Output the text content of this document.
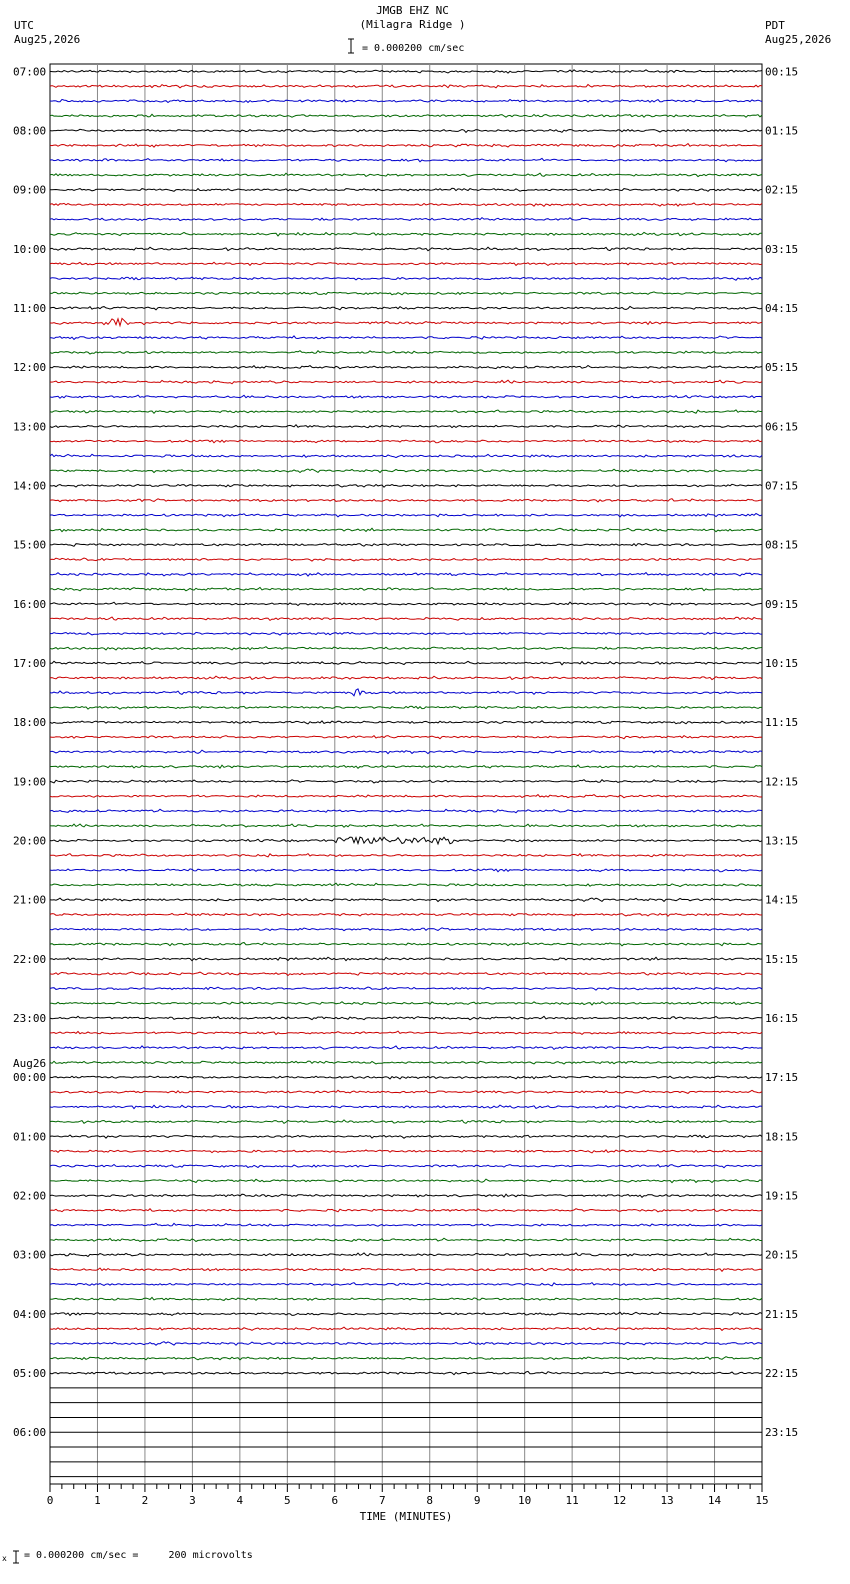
JMGB EHZ NC
(Milagra Ridge )
= 0.000200 cm/sec
UTC
Aug25,2026
PDT
Aug25,2026
0	1	2	3	4	5	6	7	8	9	10	11	12	13	14	15
TIME (MINUTES)
07:00
08:00
09:00
10:00
11:00
12:00
13:00
14:00
15:00
16:00
17:00
18:00
19:00
20:00
21:00
22:00
23:00
00:00
Aug26
01:00
02:00
03:00
04:00
05:00
06:00
00:15
01:15
02:15
03:15
04:15
05:15
06:15
07:15
08:15
09:15
10:15
11:15
12:15
13:15
14:15
15:15
16:15
17:15
18:15
19:15
20:15
21:15
22:15
23:15
x = 0.000200 cm/sec =     200 microvolts
